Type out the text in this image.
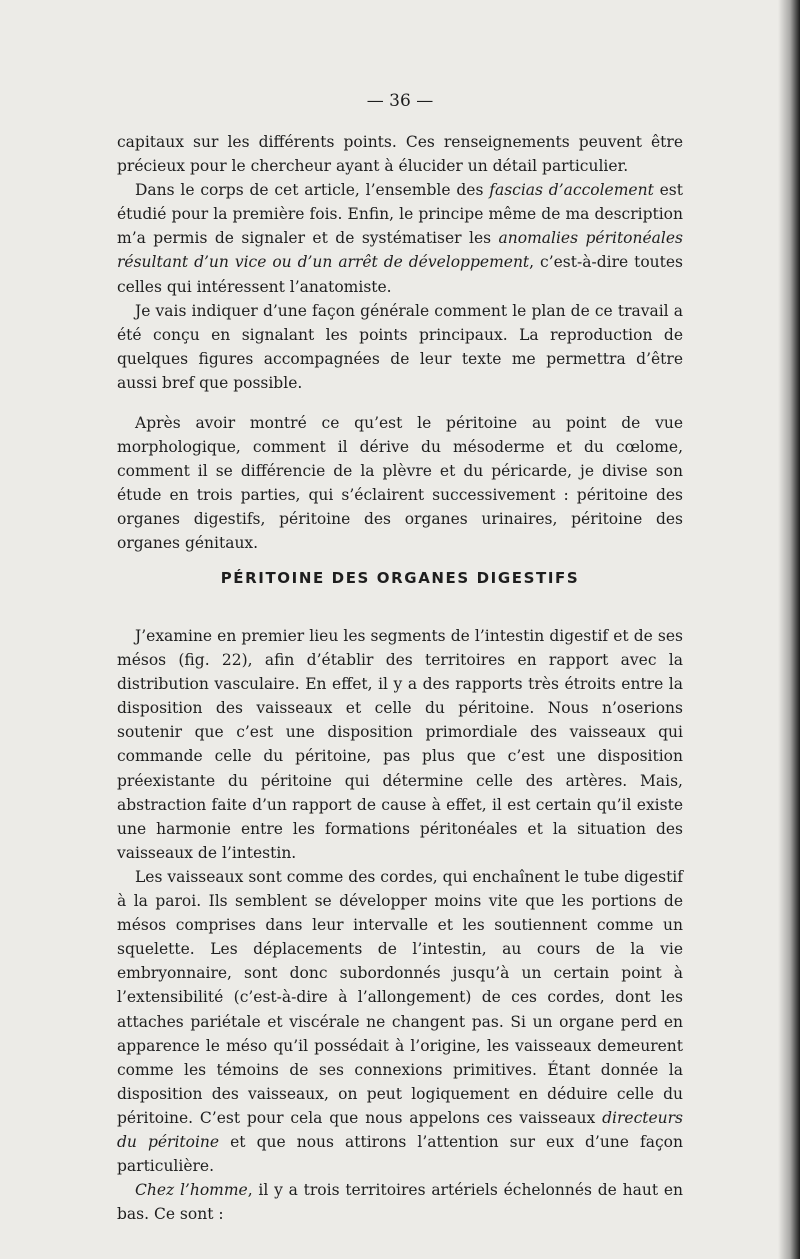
— 36 —

capitaux sur les différents points. Ces renseignements peuvent être précieux pour le chercheur ayant à élucider un détail particulier.

Dans le corps de cet article, l’ensemble des fascias d’accolement est étudié pour la première fois. Enfin, le principe même de ma description m’a permis de signaler et de systématiser les anomalies péritonéales résultant d’un vice ou d’un arrêt de développement, c’est-à-dire toutes celles qui intéressent l’anatomiste.

Je vais indiquer d’une façon générale comment le plan de ce travail a été conçu en signalant les points principaux. La reproduction de quelques figures accompagnées de leur texte me permettra d’être aussi bref que possible.

Après avoir montré ce qu’est le péritoine au point de vue morphologique, comment il dérive du mésoderme et du cœlome, comment il se différencie de la plèvre et du péricarde, je divise son étude en trois parties, qui s’éclairent successivement : péritoine des organes digestifs, péritoine des organes urinaires, péritoine des organes génitaux.

PÉRITOINE DES ORGANES DIGESTIFS

J’examine en premier lieu les segments de l’intestin digestif et de ses mésos (fig. 22), afin d’établir des territoires en rapport avec la distribution vasculaire. En effet, il y a des rapports très étroits entre la disposition des vaisseaux et celle du péritoine. Nous n’oserions soutenir que c’est une disposition primordiale des vaisseaux qui commande celle du péritoine, pas plus que c’est une disposition préexistante du péritoine qui détermine celle des artères. Mais, abstraction faite d’un rapport de cause à effet, il est certain qu’il existe une harmonie entre les formations péritonéales et la situation des vaisseaux de l’intestin.

Les vaisseaux sont comme des cordes, qui enchaînent le tube digestif à la paroi. Ils semblent se développer moins vite que les portions de mésos comprises dans leur intervalle et les soutiennent comme un squelette. Les déplacements de l’intestin, au cours de la vie embryonnaire, sont donc subordonnés jusqu’à un certain point à l’extensibilité (c’est-à-dire à l’allongement) de ces cordes, dont les attaches pariétale et viscérale ne changent pas. Si un organe perd en apparence le méso qu’il possédait à l’origine, les vaisseaux demeurent comme les témoins de ses connexions primitives. Étant donnée la disposition des vaisseaux, on peut logiquement en déduire celle du péritoine. C’est pour cela que nous appelons ces vaisseaux directeurs du péritoine et que nous attirons l’attention sur eux d’une façon particulière.

Chez l’homme, il y a trois territoires artériels échelonnés de haut en bas. Ce sont :
